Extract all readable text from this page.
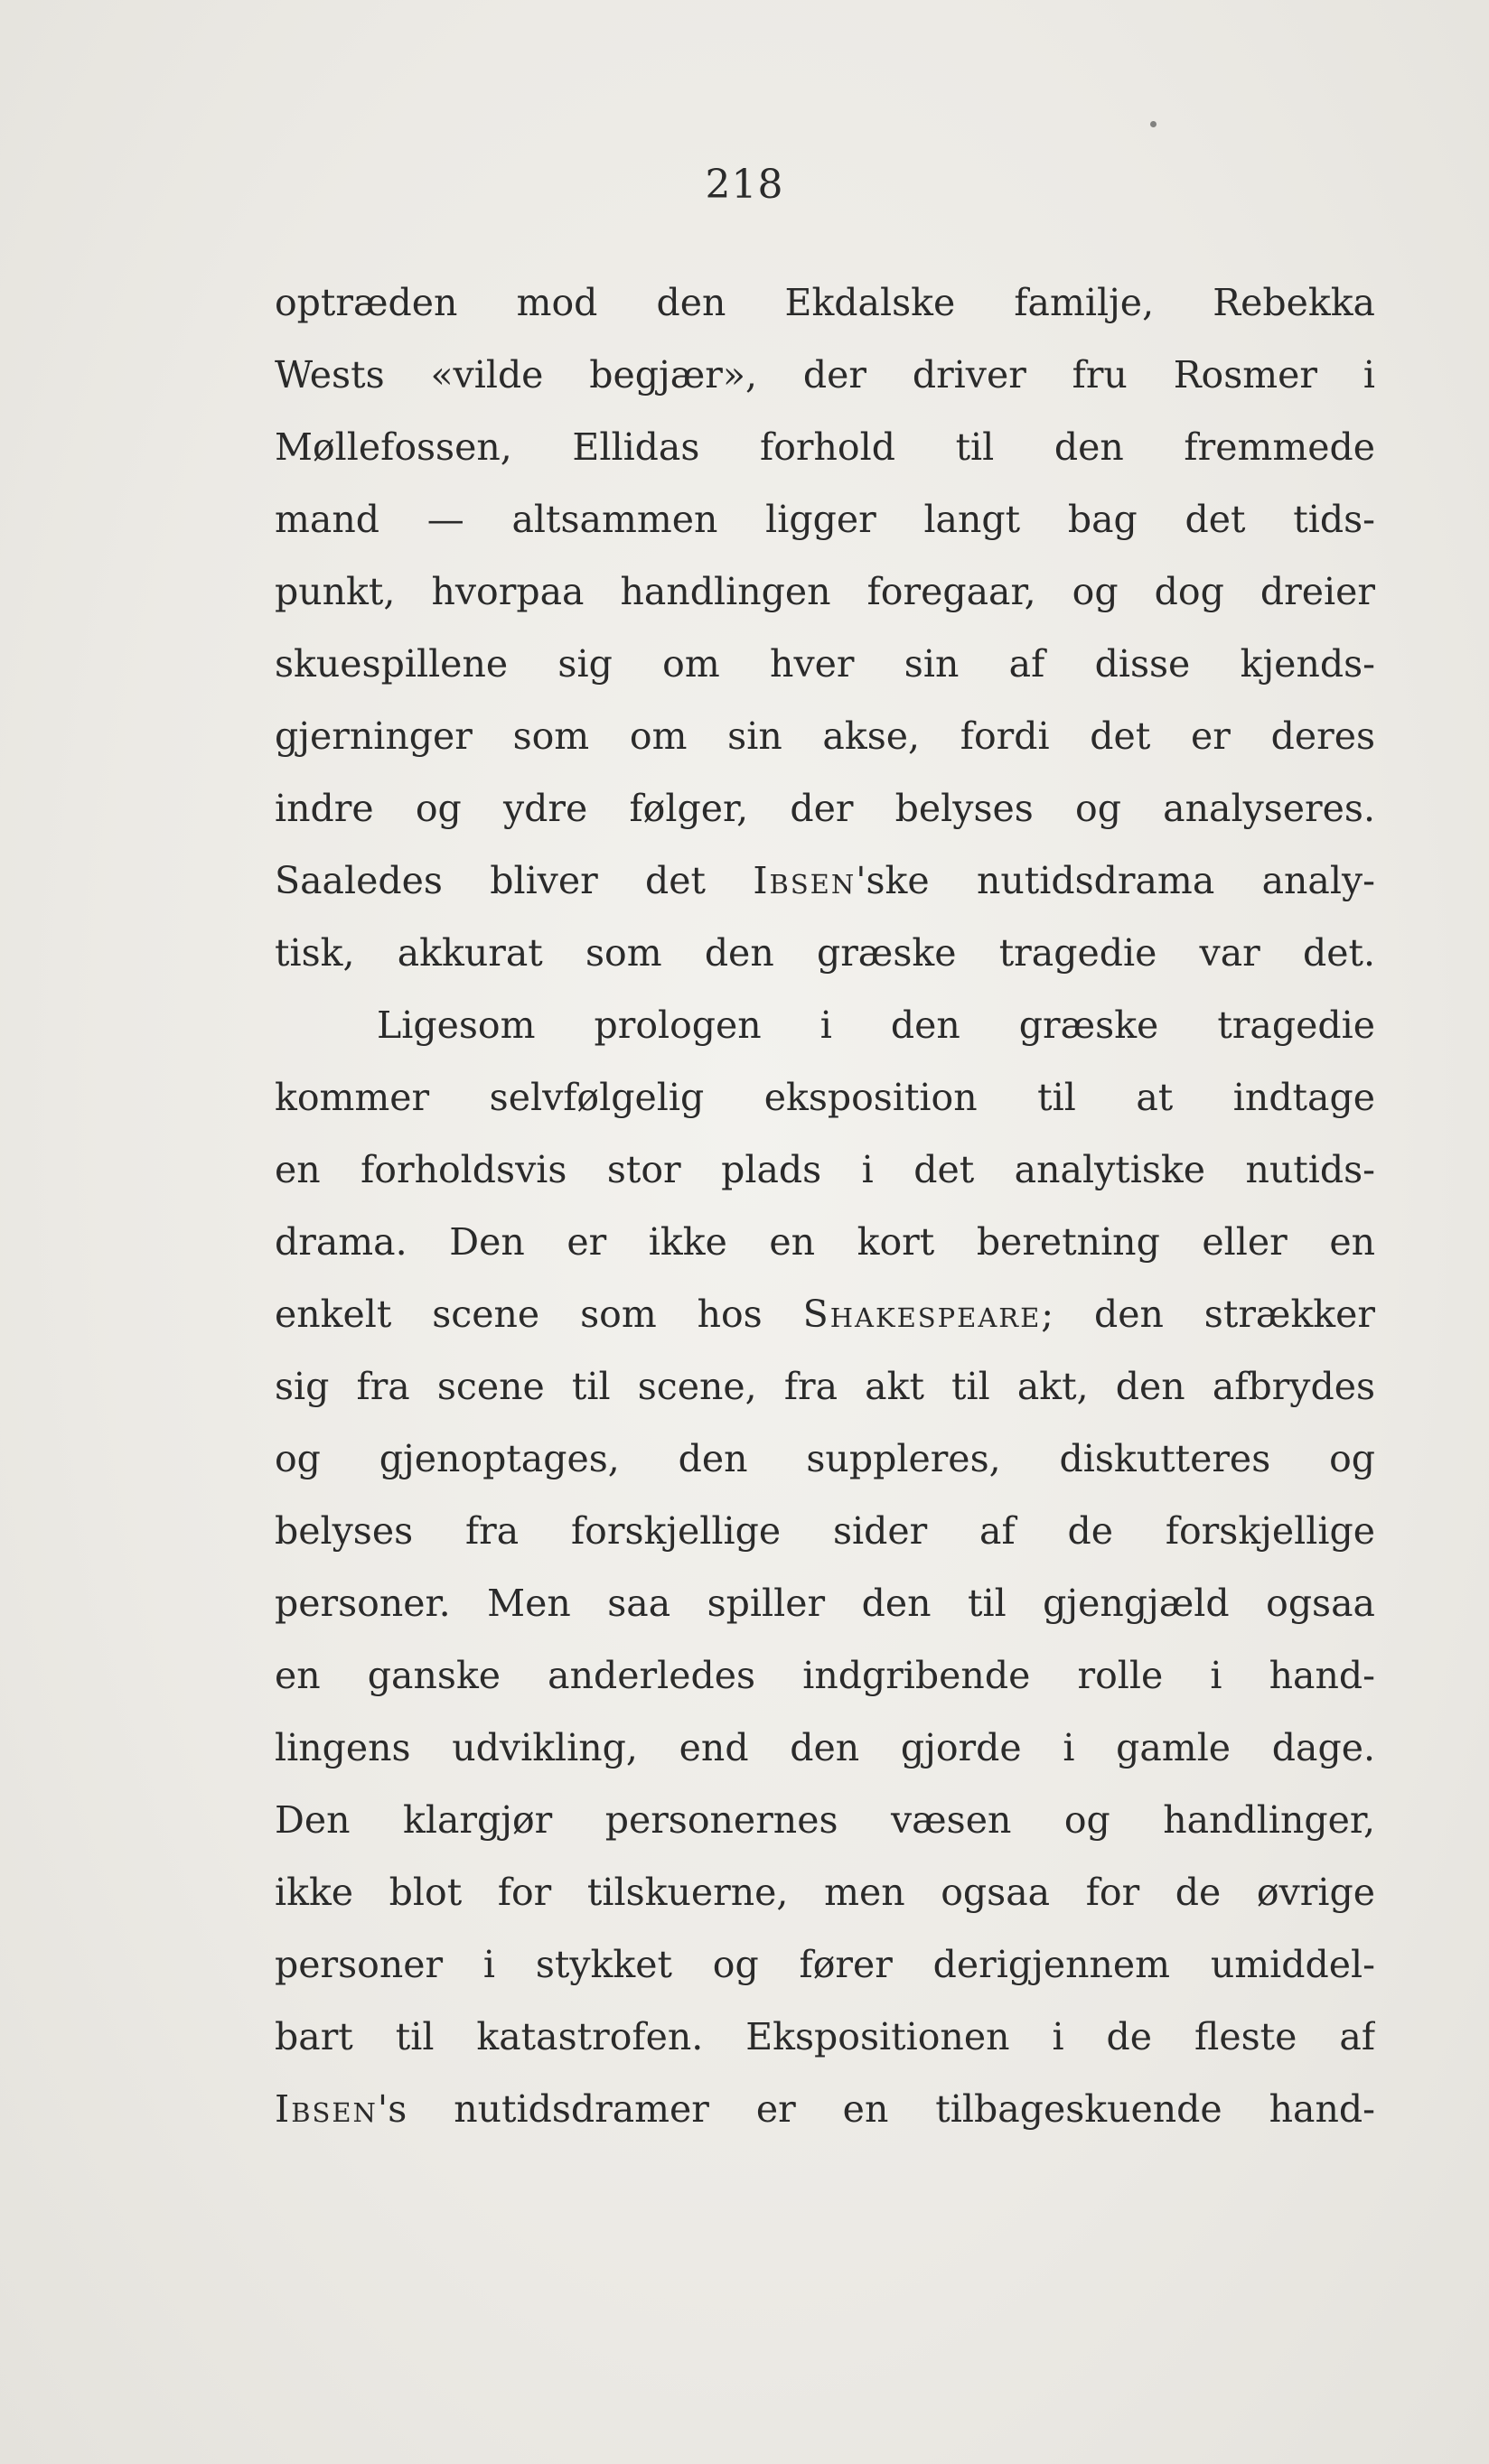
218
optræden mod den Ekdalske familje, Rebekka
Wests «vilde begjær», der driver fru Rosmer i
Møllefossen, Ellidas forhold til den fremmede
mand — altsammen ligger langt bag det tids-
punkt, hvorpaa handlingen foregaar, og dog dreier
skuespillene sig om hver sin af disse kjends-
gjerninger som om sin akse, fordi det er deres
indre og ydre følger, der belyses og analyseres.
Saaledes bliver det Ibsen'ske nutidsdrama analy-
tisk, akkurat som den græske tragedie var det.
Ligesom prologen i den græske tragedie
kommer selvfølgelig eksposition til at indtage
en forholdsvis stor plads i det analytiske nutids-
drama. Den er ikke en kort beretning eller en
enkelt scene som hos Shakespeare; den strækker
sig fra scene til scene, fra akt til akt, den afbrydes
og gjenoptages, den suppleres, diskutteres og
belyses fra forskjellige sider af de forskjellige
personer. Men saa spiller den til gjengjæld ogsaa
en ganske anderledes indgribende rolle i hand-
lingens udvikling, end den gjorde i gamle dage.
Den klargjør personernes væsen og handlinger,
ikke blot for tilskuerne, men ogsaa for de øvrige
personer i stykket og fører derigjennem umiddel-
bart til katastrofen. Ekspositionen i de fleste af
Ibsen's nutidsdramer er en tilbageskuende hand-
